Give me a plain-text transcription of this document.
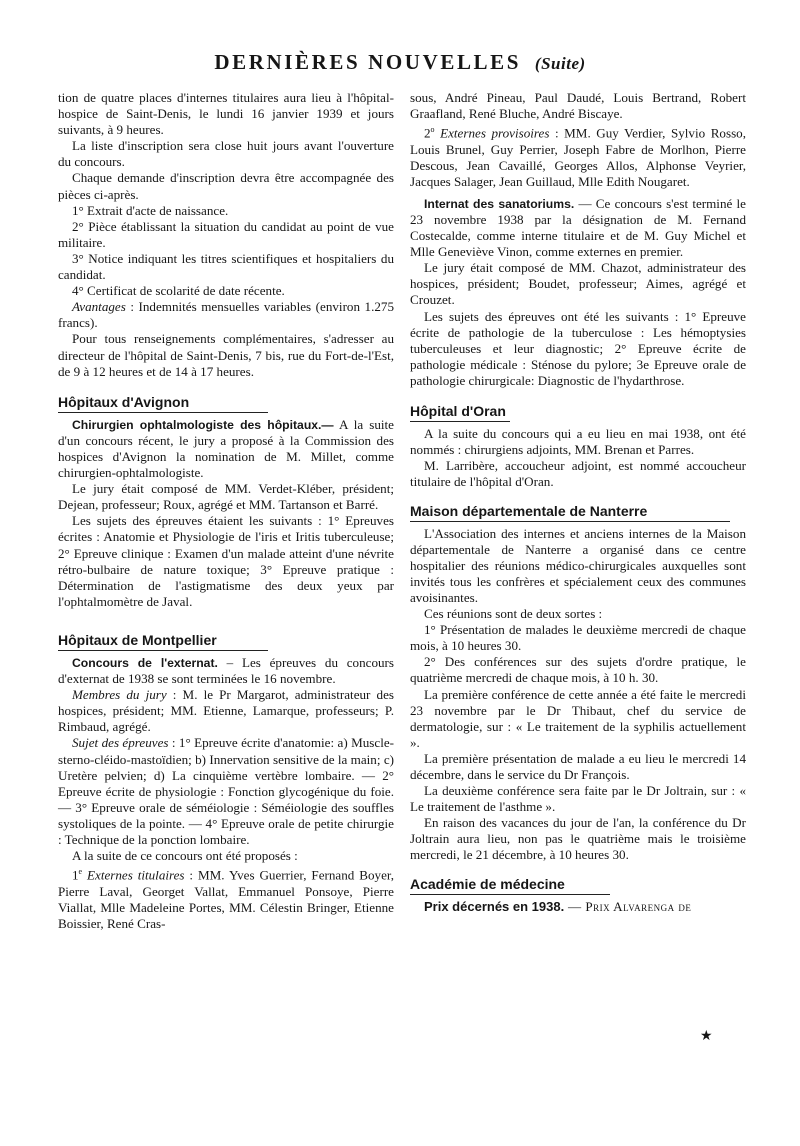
DERNIÈRES NOUVELLES (Suite)

tion de quatre places d'internes titulaires aura lieu à l'hôpital-hospice de Saint-Denis, le lundi 16 janvier 1939 et jours suivants, à 9 heures.

La liste d'inscription sera close huit jours avant l'ouverture du concours.

Chaque demande d'inscription devra être accompagnée des pièces ci-après.

1° Extrait d'acte de naissance.

2° Pièce établissant la situation du candidat au point de vue militaire.

3° Notice indiquant les titres scientifiques et hospitaliers du candidat.

4° Certificat de scolarité de date récente.

Avantages : Indemnités mensuelles variables (environ 1.275 francs).

Pour tous renseignements complémentaires, s'adresser au directeur de l'hôpital de Saint-Denis, 7 bis, rue du Fort-de-l'Est, de 9 à 12 heures et de 14 à 17 heures.

Hôpitaux d'Avignon

Chirurgien ophtalmologiste des hôpitaux.— A la suite d'un concours récent, le jury a proposé à la Commission des hospices d'Avignon la nomination de M. Millet, comme chirurgien-ophtalmologiste.

Le jury était composé de MM. Verdet-Kléber, président; Dejean, professeur; Roux, agrégé et MM. Tartanson et Barré.

Les sujets des épreuves étaient les suivants : 1° Epreuves écrites : Anatomie et Physiologie de l'iris et Iritis tuberculeuse; 2° Epreuve clinique : Examen d'un malade atteint d'une névrite rétro-bulbaire de nature toxique; 3° Epreuve pratique : Détermination de l'astigmatisme des deux yeux par l'ophtalmomètre de Javal.

Hôpitaux de Montpellier

Concours de l'externat. – Les épreuves du concours d'externat de 1938 se sont terminées le 16 novembre.

Membres du jury : M. le Pr Margarot, administrateur des hospices, président; MM. Etienne, Lamarque, professeurs; P. Rimbaud, agrégé.

Sujet des épreuves : 1° Epreuve écrite d'anatomie: a) Muscle-sterno-cléido-mastoïdien; b) Innervation sensitive de la main; c) Uretère pelvien; d) La cinquième vertèbre lombaire. — 2° Epreuve écrite de physiologie : Fonction glycogénique du foie. — 3° Epreuve orale de séméiologie : Séméiologie des souffles systoliques de la pointe. — 4° Epreuve orale de petite chirurgie : Technique de la ponction lombaire.

A la suite de ce concours ont été proposés :

1e Externes titulaires : MM. Yves Guerrier, Fernand Boyer, Pierre Laval, Georget Vallat, Emmanuel Ponsoye, Pierre Viallat, Mlle Madeleine Portes, MM. Célestin Bringer, Etienne Boissier, René Cras-

sous, André Pineau, Paul Daudé, Louis Bertrand, Robert Graafland, René Bluche, André Biscaye.

2$^o$ Externes provisoires : MM. Guy Verdier, Sylvio Rosso, Louis Brunel, Guy Perrier, Joseph Fabre de Morlhon, Pierre Descous, Jean Cavaillé, Georges Allos, Alphonse Veyrier, Jacques Salager, Jean Guillaud, Mlle Edith Nougaret.

Internat des sanatoriums. — Ce concours s'est terminé le 23 novembre 1938 par la désignation de M. Fernand Costecalde, comme interne titulaire et de M. Guy Michel et Mlle Geneviève Vinon, comme externes en premier.

Le jury était composé de MM. Chazot, administrateur des hospices, président; Boudet, professeur; Aimes, agrégé et Crouzet.

Les sujets des épreuves ont été les suivants : 1° Epreuve écrite de pathologie de la tuberculose : Les hémoptysies tuberculeuses et leur diagnostic; 2° Epreuve écrite de pathologie médicale : Sténose du pylore; 3e Epreuve orale de pathologie chirurgicale: Diagnostic de l'hydarthrose.

Hôpital d'Oran

A la suite du concours qui a eu lieu en mai 1938, ont été nommés : chirurgiens adjoints, MM. Brenan et Parres.

M. Larribère, accoucheur adjoint, est nommé accoucheur titulaire de l'hôpital d'Oran.

Maison départementale de Nanterre

L'Association des internes et anciens internes de la Maison départementale de Nanterre a organisé dans ce centre hospitalier des réunions médico-chirurgicales auxquelles sont invités tous les confrères et spécialement ceux des communes avoisinantes.

Ces réunions sont de deux sortes :

1° Présentation de malades le deuxième mercredi de chaque mois, à 10 heures 30.

2° Des conférences sur des sujets d'ordre pratique, le quatrième mercredi de chaque mois, à 10 h. 30.

La première conférence de cette année a été faite le mercredi 23 novembre par le Dr Thibaut, chef du service de dermatologie, sur : « Le traitement de la syphilis actuellement ».

La première présentation de malade a eu lieu le mercredi 14 décembre, dans le service du Dr François.

La deuxième conférence sera faite par le Dr Joltrain, sur : « Le traitement de l'asthme ».

En raison des vacances du jour de l'an, la conférence du Dr Joltrain aura lieu, non pas le quatrième mais le troisième mercredi, le 21 décembre, à 10 heures 30.

Académie de médecine

Prix décernés en 1938. — Prix Alvarenga de

★
